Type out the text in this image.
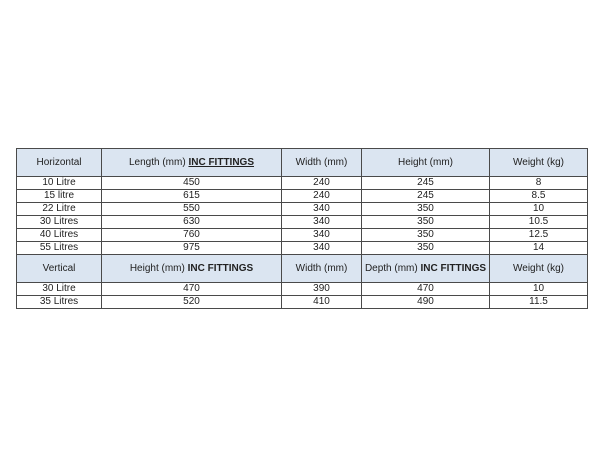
Horizontal	Length (mm) INC FITTINGS	Width (mm)	Height (mm)	Weight (kg)
10 Litre	450	240	245	8
15 litre	615	240	245	8.5
22 Litre	550	340	350	10
30 Litres	630	340	350	10.5
40 Litres	760	340	350	12.5
55 Litres	975	340	350	14
Vertical	Height (mm) INC FITTINGS	Width (mm)	Depth (mm) INC FITTINGS	Weight (kg)
30 Litre	470	390	470	10
35 Litres	520	410	490	11.5
